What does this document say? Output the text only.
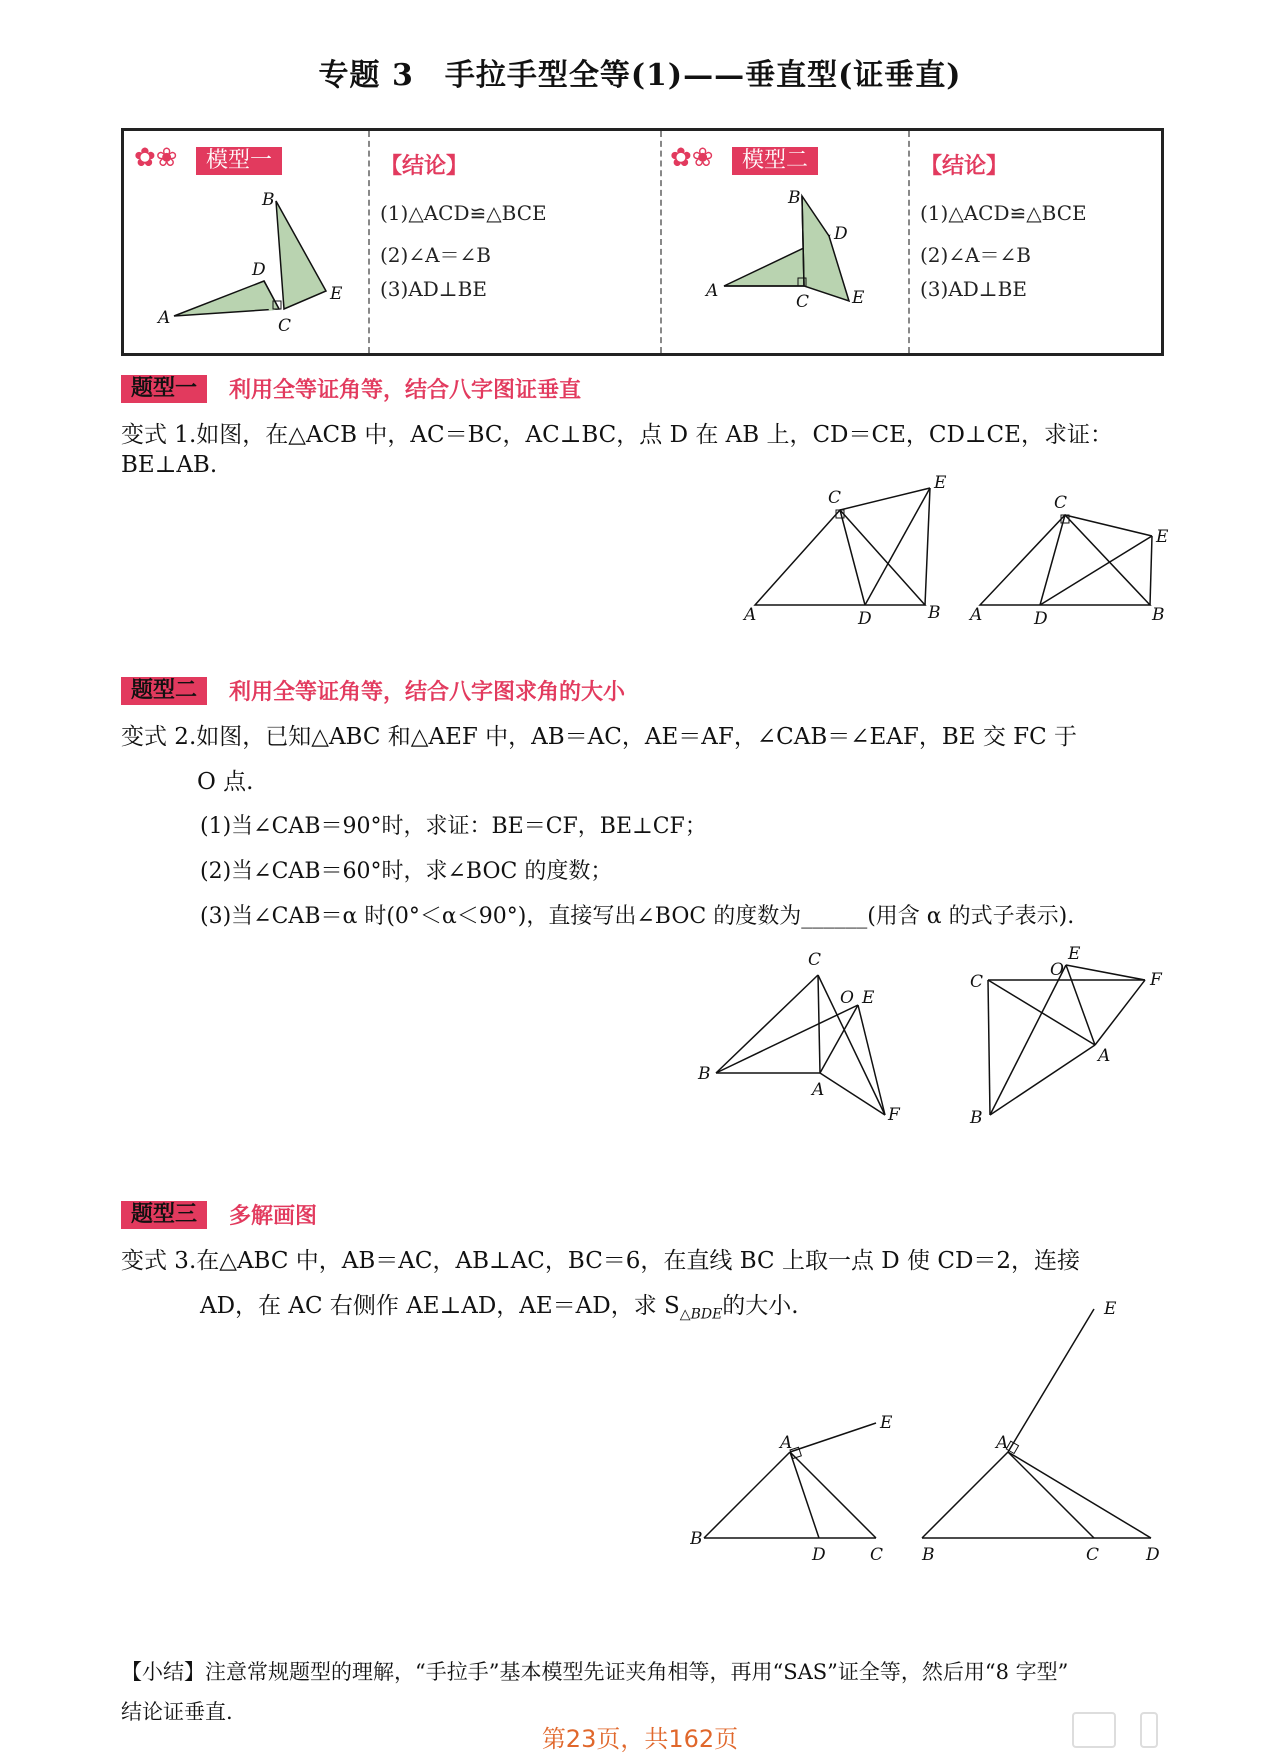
专题 3　手拉手型全等(1)——垂直型(证垂直)
✿❀	模型一
A
B
C
D
E
【结论】
(1)△ACD≌△BCE
(2)∠A＝∠B
(3)AD⊥BE
✿❀	模型二
A
B
C
D
E
【结论】
(1)△ACD≌△BCE
(2)∠A＝∠B
(3)AD⊥BE
题型一	利用全等证角等，结合八字图证垂直
变式 1.如图，在△ACB 中，AC＝BC，AC⊥BC，点 D 在 AB 上，CD＝CE，CD⊥CE，求证：BE⊥AB.
A
C
D	B
E
A
C
D	B
E
题型二	利用全等证角等，结合八字图求角的大小
变式 2.如图，已知△ABC 和△AEF 中，AB＝AC，AE＝AF，∠CAB＝∠EAF，BE 交 FC 于
O 点.
(1)当∠CAB＝90°时，求证：BE＝CF，BE⊥CF；
(2)当∠CAB＝60°时，求∠BOC 的度数；
(3)当∠CAB＝α 时(0°＜α＜90°)，直接写出∠BOC 的度数为______(用含 α 的式子表示).
B
C
A
O E
F
C
B
O
E
F
A
题型三	多解画图
变式 3.在△ABC 中，AB＝AC，AB⊥AC，BC＝6，在直线 BC 上取一点 D 使 CD＝2，连接
AD，在 AC 右侧作 AE⊥AD，AE＝AD，求 $S_{\triangle BDE}$的大小.
B
A
D	C
E
B
A
C	D
E
【小结】注意常规题型的理解，“手拉手”基本模型先证夹角相等，再用“SAS”证全等，然后用“8 字型”
结论证垂直.
第23页，共162页
